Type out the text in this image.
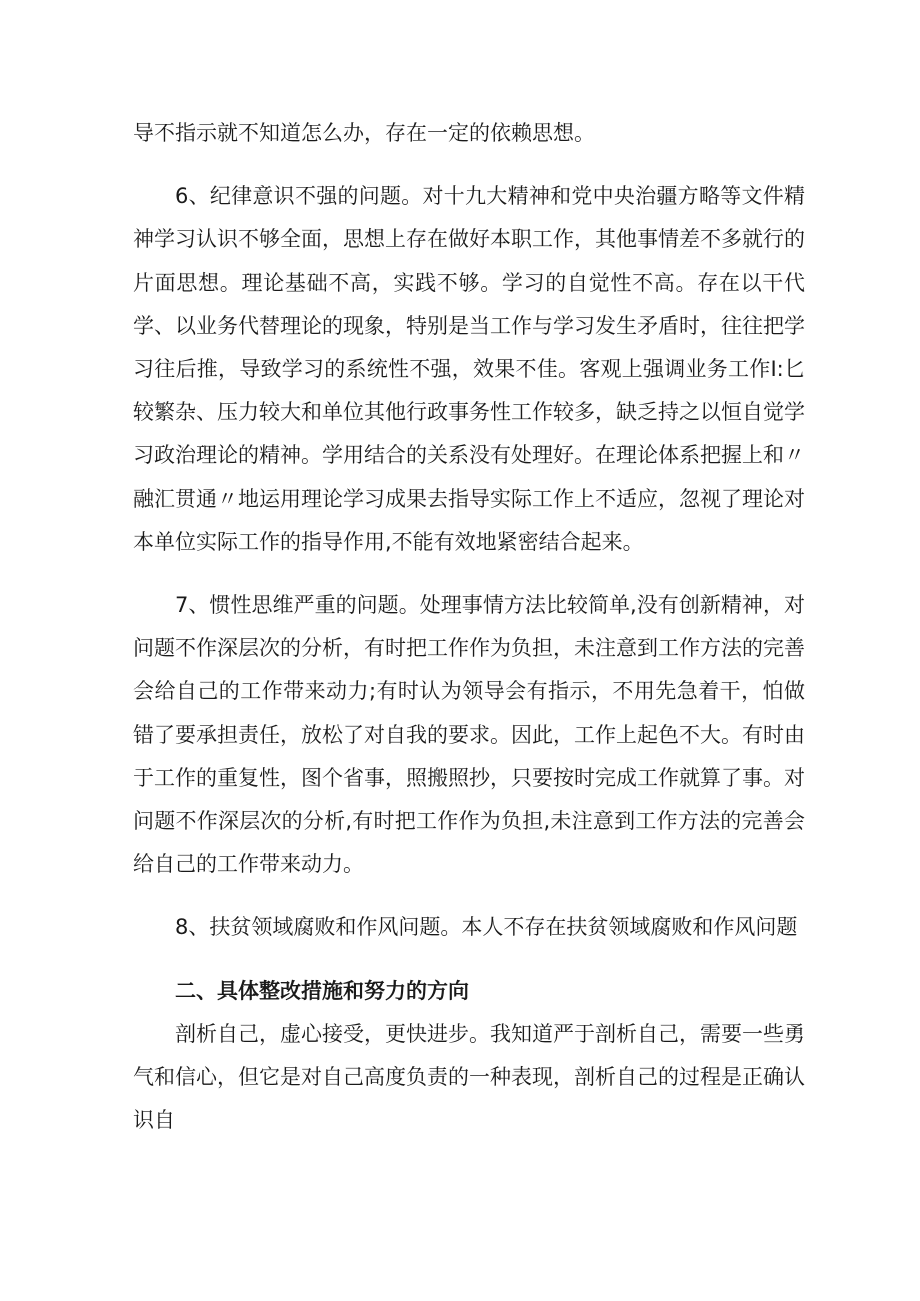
导不指示就不知道怎么办，存在一定的依赖思想。

6、纪律意识不强的问题。对十九大精神和党中央治疆方略等文件精神学习认识不够全面，思想上存在做好本职工作，其他事情差不多就行的片面思想。理论基础不高，实践不够。学习的自觉性不高。存在以干代学、以业务代替理论的现象，特别是当工作与学习发生矛盾时，往往把学习往后推，导致学习的系统性不强，效果不佳。客观上强调业务工作I:匕较繁杂、压力较大和单位其他行政事务性工作较多，缺乏持之以恒自觉学习政治理论的精神。学用结合的关系没有处理好。在理论体系把握上和〃融汇贯通〃地运用理论学习成果去指导实际工作上不适应，忽视了理论对本单位实际工作的指导作用,不能有效地紧密结合起来。

7、惯性思维严重的问题。处理事情方法比较简单,没有创新精神，对问题不作深层次的分析，有时把工作作为负担，未注意到工作方法的完善会给自己的工作带来动力;有时认为领导会有指示，不用先急着干，怕做错了要承担责任，放松了对自我的要求。因此，工作上起色不大。有时由于工作的重复性，图个省事，照搬照抄，只要按时完成工作就算了事。对问题不作深层次的分析,有时把工作作为负担,未注意到工作方法的完善会给自己的工作带来动力。

8、扶贫领域腐败和作风问题。本人不存在扶贫领域腐败和作风问题

二、具体整改措施和努力的方向

剖析自己，虚心接受，更快进步。我知道严于剖析自己，需要一些勇气和信心，但它是对自己高度负责的一种表现，剖析自己的过程是正确认识自
